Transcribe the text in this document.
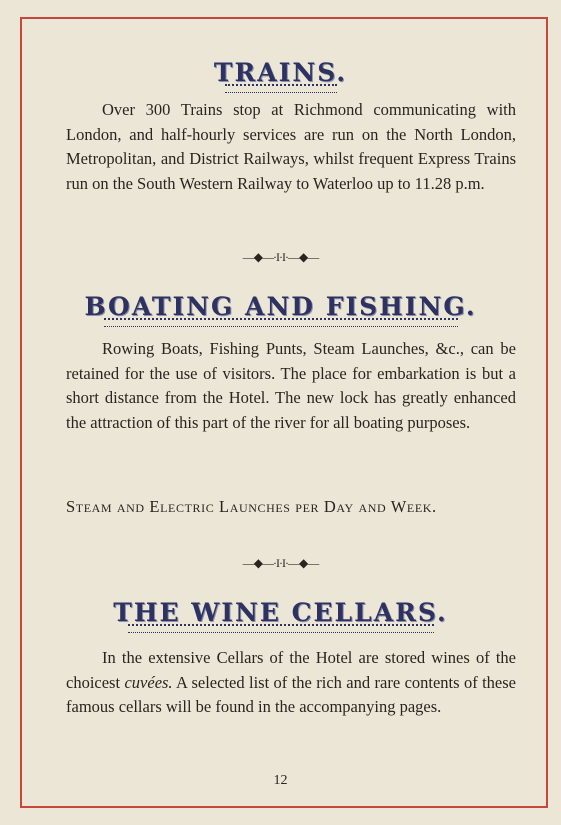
TRAINS.
Over 300 Trains stop at Richmond communicating with London, and half-hourly services are run on the North London, Metropolitan, and District Railways, whilst frequent Express Trains run on the South Western Railway to Waterloo up to 11.28 p.m.
—◆—·I·I·—◆—
BOATING AND FISHING.
Rowing Boats, Fishing Punts, Steam Launches, &c., can be retained for the use of visitors. The place for embarkation is but a short distance from the Hotel. The new lock has greatly enhanced the attraction of this part of the river for all boating purposes.
Steam and Electric Launches per Day and Week.
—◆—·I·I·—◆—
THE WINE CELLARS.
In the extensive Cellars of the Hotel are stored wines of the choicest cuvées. A selected list of the rich and rare contents of these famous cellars will be found in the accompanying pages.
12
